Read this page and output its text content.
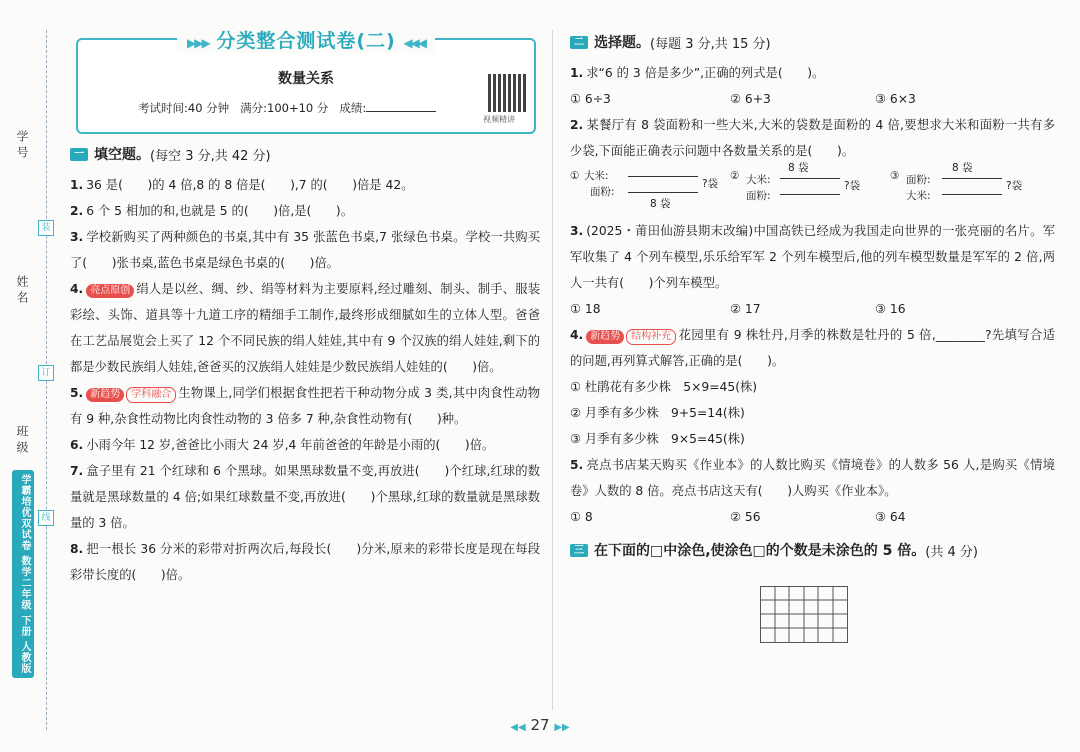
学号
姓名
班级
装
订
线
学霸培优双试卷 数学二年级 下册 人教版
▶▶▶ 分类整合测试卷(二) ◀◀◀
数量关系
考试时间:40 分钟 满分:100+10 分 成绩:
视频精讲
一 填空题。 (每空 3 分,共 42 分)
1. 36 是(　　)的 4 倍,8 的 8 倍是(　　),7 的(　　)倍是 42。
2. 6 个 5 相加的和,也就是 5 的(　　)倍,是(　　)。
3. 学校新购买了两种颜色的书桌,其中有 35 张蓝色书桌,7 张绿色书桌。学校一共购买了(　　)张书桌,蓝色书桌是绿色书桌的(　　)倍。
4. 亮点原创 绢人是以丝、绸、纱、绢等材料为主要原料,经过雕刻、制头、制手、服装彩绘、头饰、道具等十九道工序的精细手工制作,最终形成细腻如生的立体人型。爸爸在工艺品展览会上买了 12 个不同民族的绢人娃娃,其中有 9 个汉族的绢人娃娃,剩下的都是少数民族绢人娃娃,爸爸买的汉族绢人娃娃是少数民族绢人娃娃的(　　)倍。
5. 新趋势 学科融合 生物课上,同学们根据食性把若干种动物分成 3 类,其中肉食性动物有 9 种,杂食性动物比肉食性动物的 3 倍多 7 种,杂食性动物有(　　)种。
6. 小雨今年 12 岁,爸爸比小雨大 24 岁,4 年前爸爸的年龄是小雨的(　　)倍。
7. 盒子里有 21 个红球和 6 个黑球。如果黑球数量不变,再放进(　　)个红球,红球的数量就是黑球数量的 4 倍;如果红球数量不变,再放进(　　)个黑球,红球的数量就是黑球数量的 3 倍。
8. 把一根长 36 分米的彩带对折两次后,每段长(　　)分米,原来的彩带长度是现在每段彩带长度的(　　)倍。
二 选择题。 (每题 3 分,共 15 分)
1. 求“6 的 3 倍是多少”,正确的列式是(　　)。
① 6÷3	② 6+3	③ 6×3
2. 某餐厅有 8 袋面粉和一些大米,大米的袋数是面粉的 4 倍,要想求大米和面粉一共有多少袋,下面能正确表示问题中各数量关系的是(　　)。
① 大米:
面粉:
8 袋
?袋
② 大米:
面粉:
8 袋
?袋
③ 面粉:
大米:
8 袋
?袋
3. (2025・莆田仙游县期末改编)中国高铁已经成为我国走向世界的一张亮丽的名片。军军收集了 4 个列车模型,乐乐给军军 2 个列车模型后,他的列车模型数量是军军的 2 倍,两人一共有(　　)个列车模型。
① 18	② 17	③ 16
4. 新趋势 结构补充 花园里有 9 株牡丹,月季的株数是牡丹的 5 倍,________?先填写合适的问题,再列算式解答,正确的是(　　)。
① 杜鹃花有多少株　5×9=45(株)
② 月季有多少株　9+5=14(株)
③ 月季有多少株　9×5=45(株)
5. 亮点书店某天购买《作业本》的人数比购买《情境卷》的人数多 56 人,是购买《情境卷》人数的 8 倍。亮点书店这天有(　　)人购买《作业本》。
① 8	② 56	③ 64
三 在下面的□中涂色,使涂色□的个数是未涂色的 5 倍。 (共 4 分)
◀◀ 27 ▶▶
